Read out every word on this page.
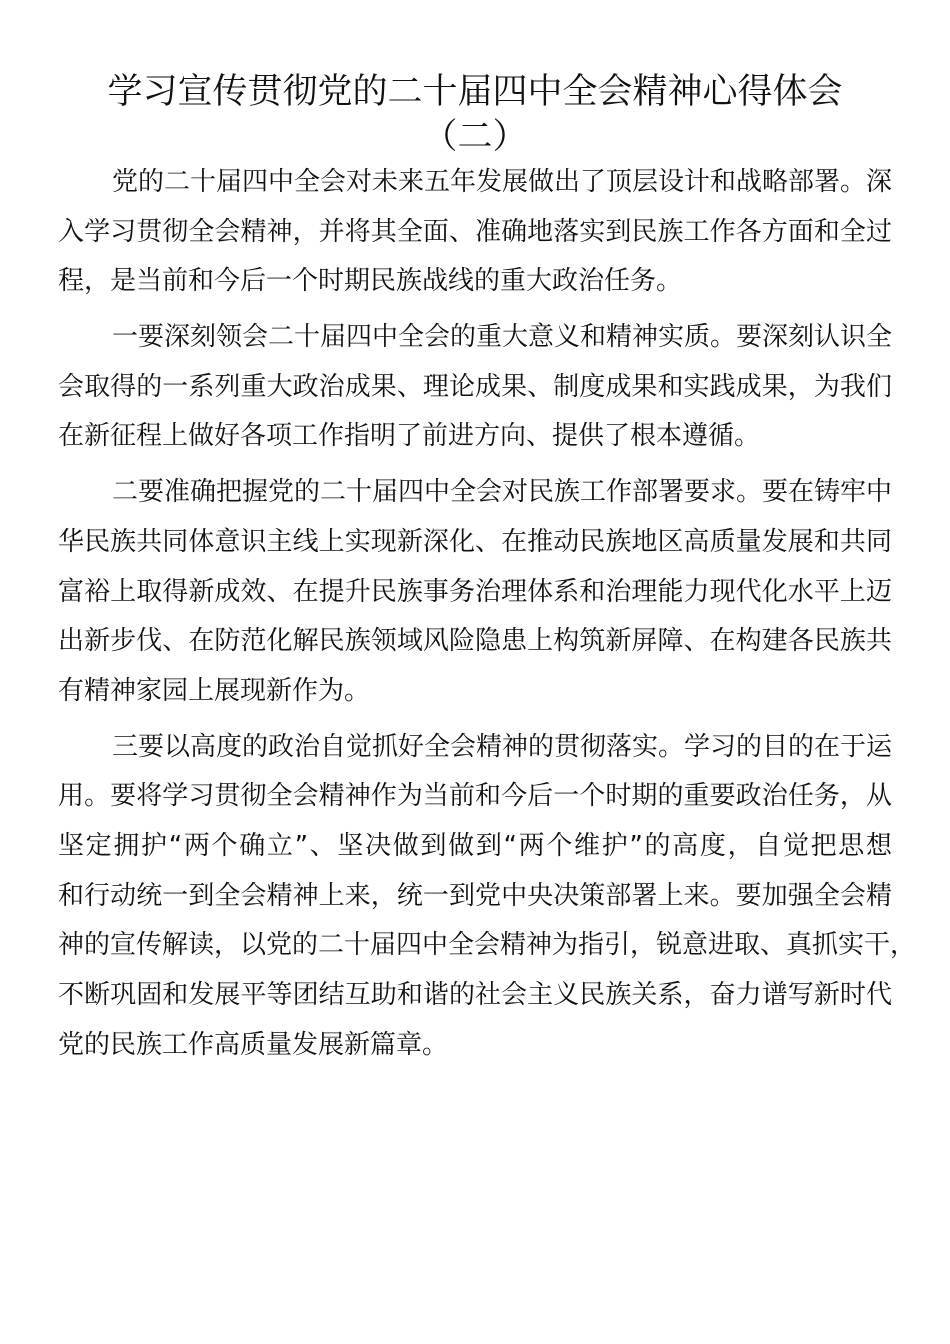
学习宣传贯彻党的二十届四中全会精神心得体会
（二）
党的二十届四中全会对未来五年发展做出了顶层设计和战略部署。深
入学习贯彻全会精神，并将其全面、准确地落实到民族工作各方面和全过
程，是当前和今后一个时期民族战线的重大政治任务。
一要深刻领会二十届四中全会的重大意义和精神实质。要深刻认识全
会取得的一系列重大政治成果、理论成果、制度成果和实践成果，为我们
在新征程上做好各项工作指明了前进方向、提供了根本遵循。
二要准确把握党的二十届四中全会对民族工作部署要求。要在铸牢中
华民族共同体意识主线上实现新深化、在推动民族地区高质量发展和共同
富裕上取得新成效、在提升民族事务治理体系和治理能力现代化水平上迈
出新步伐、在防范化解民族领域风险隐患上构筑新屏障、在构建各民族共
有精神家园上展现新作为。
三要以高度的政治自觉抓好全会精神的贯彻落实。学习的目的在于运
用。要将学习贯彻全会精神作为当前和今后一个时期的重要政治任务，从
坚定拥护“两个确立”、坚决做到做到“两个维护”的高度，自觉把思想
和行动统一到全会精神上来，统一到党中央决策部署上来。要加强全会精
神的宣传解读，以党的二十届四中全会精神为指引，锐意进取、真抓实干，
不断巩固和发展平等团结互助和谐的社会主义民族关系，奋力谱写新时代
党的民族工作高质量发展新篇章。
